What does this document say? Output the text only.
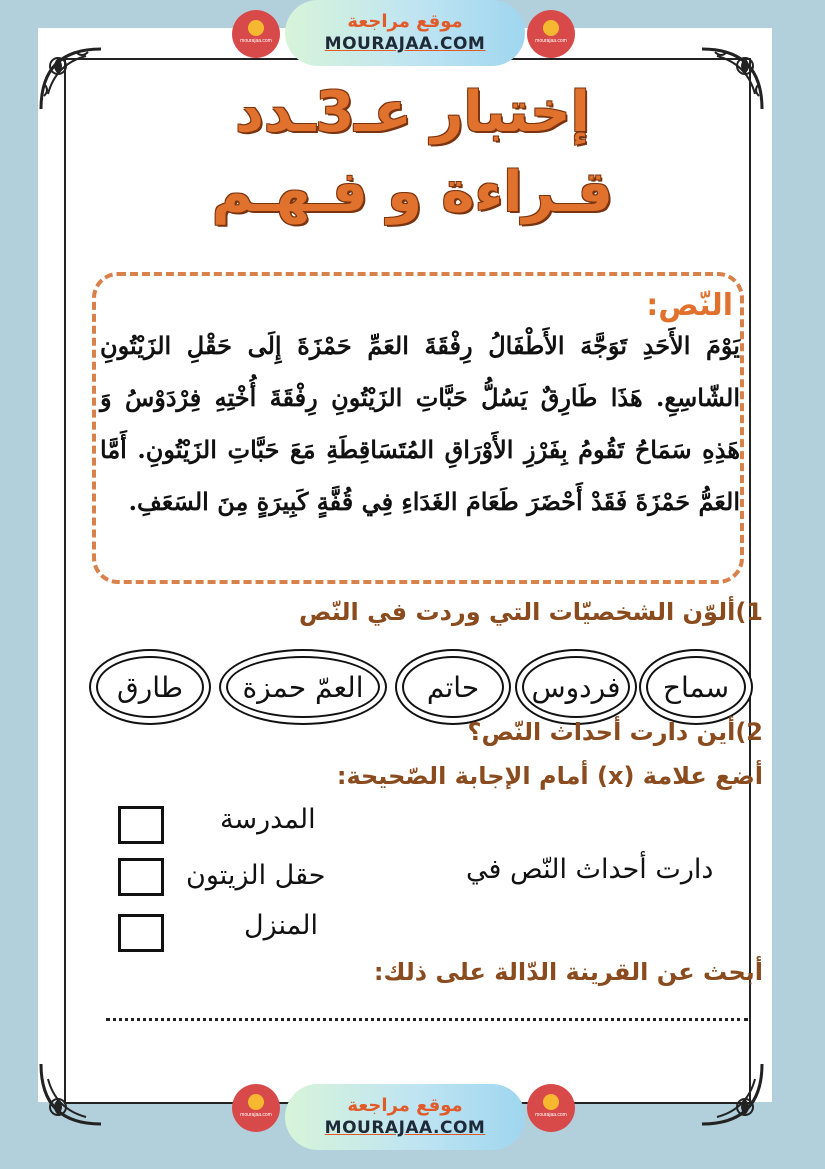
mourajaa.com
موقع مراجعة
MOURAJAA.COM	mourajaa.com
إختبار عـ3ـدد
قـراءة و فـهـم
النّص:
يَوْمَ الأَحَدِ تَوَجَّهَ الأَطْفَالُ رِفْقَةَ العَمِّ حَمْزَةَ إِلَى حَقْلِ الزَيْتُونِ الشّاسِعِ. هَذَا طَارِقٌ يَسُلُّ حَبَّاتِ الزَيْتُونِ رِفْقَةَ أُخْتِهِ فِرْدَوْسُ وَ هَذِهِ سَمَاحُ تَقُومُ بِفَرْزِ الأَوْرَاقِ المُتَسَاقِطَةِ مَعَ حَبَّاتِ الزَيْتُونِ. أَمَّا العَمُّ حَمْزَةَ فَقَدْ أَحْضَرَ طَعَامَ الغَدَاءِ فِي قُفَّةٍ كَبِيرَةٍ مِنَ السَعَفِ.
1)ألوّن الشخصيّات التي وردت في النّص
سماح
فردوس
حاتم
العمّ حمزة
طارق
2)أين دارت أحداث النّص؟
أضع علامة (x) أمام الإجابة الصّحيحة:
المدرسة
حقل الزيتون
المنزل
دارت أحداث النّص في
أبحث عن القرينة الدّالة على ذلك:
mourajaa.com	موقع مراجعة
MOURAJAA.COM
mourajaa.com
